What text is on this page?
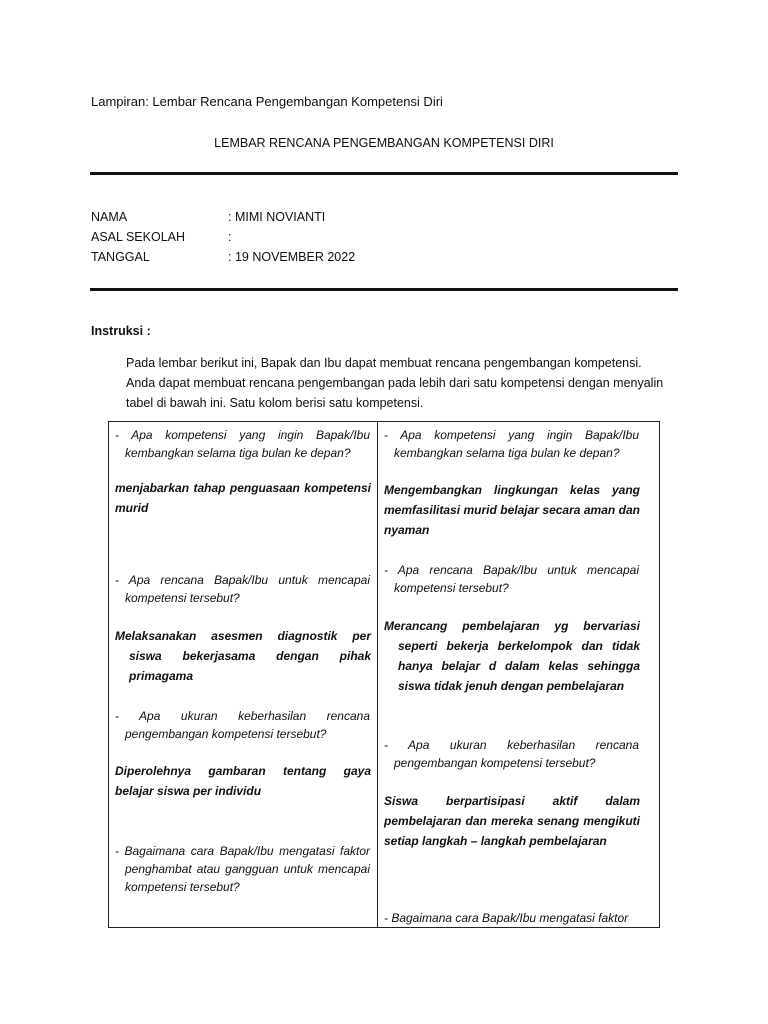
Lampiran: Lembar Rencana Pengembangan Kompetensi Diri
LEMBAR RENCANA PENGEMBANGAN KOMPETENSI DIRI
NAMA	: MIMI NOVIANTI
ASAL SEKOLAH	:
TANGGAL	: 19 NOVEMBER 2022
Instruksi :
Pada lembar berikut ini, Bapak dan Ibu dapat membuat rencana pengembangan kompetensi. Anda dapat membuat rencana pengembangan pada lebih dari satu kompetensi dengan menyalin tabel di bawah ini. Satu kolom berisi satu kompetensi.
- Apa kompetensi yang ingin Bapak/Ibu kembangkan selama tiga bulan ke depan?
menjabarkan tahap penguasaan kompetensi murid
- Apa rencana Bapak/Ibu untuk mencapai kompetensi tersebut?
Melaksanakan asesmen diagnostik per siswa bekerjasama dengan pihak primagama
- Apa ukuran keberhasilan rencana pengembangan kompetensi tersebut?
Diperolehnya gambaran tentang gaya belajar siswa per individu
- Bagaimana cara Bapak/Ibu mengatasi faktor penghambat atau gangguan untuk mencapai kompetensi tersebut?
- Apa kompetensi yang ingin Bapak/Ibu kembangkan selama tiga bulan ke depan?
Mengembangkan lingkungan kelas yang memfasilitasi murid belajar secara aman dan nyaman
- Apa rencana Bapak/Ibu untuk mencapai kompetensi tersebut?
Merancang pembelajaran yg bervariasi seperti bekerja berkelompok dan tidak hanya belajar d dalam kelas sehingga siswa tidak jenuh dengan pembelajaran
- Apa ukuran keberhasilan rencana pengembangan kompetensi tersebut?
Siswa berpartisipasi aktif dalam pembelajaran dan mereka senang mengikuti setiap langkah – langkah pembelajaran
- Bagaimana cara Bapak/Ibu mengatasi faktor
